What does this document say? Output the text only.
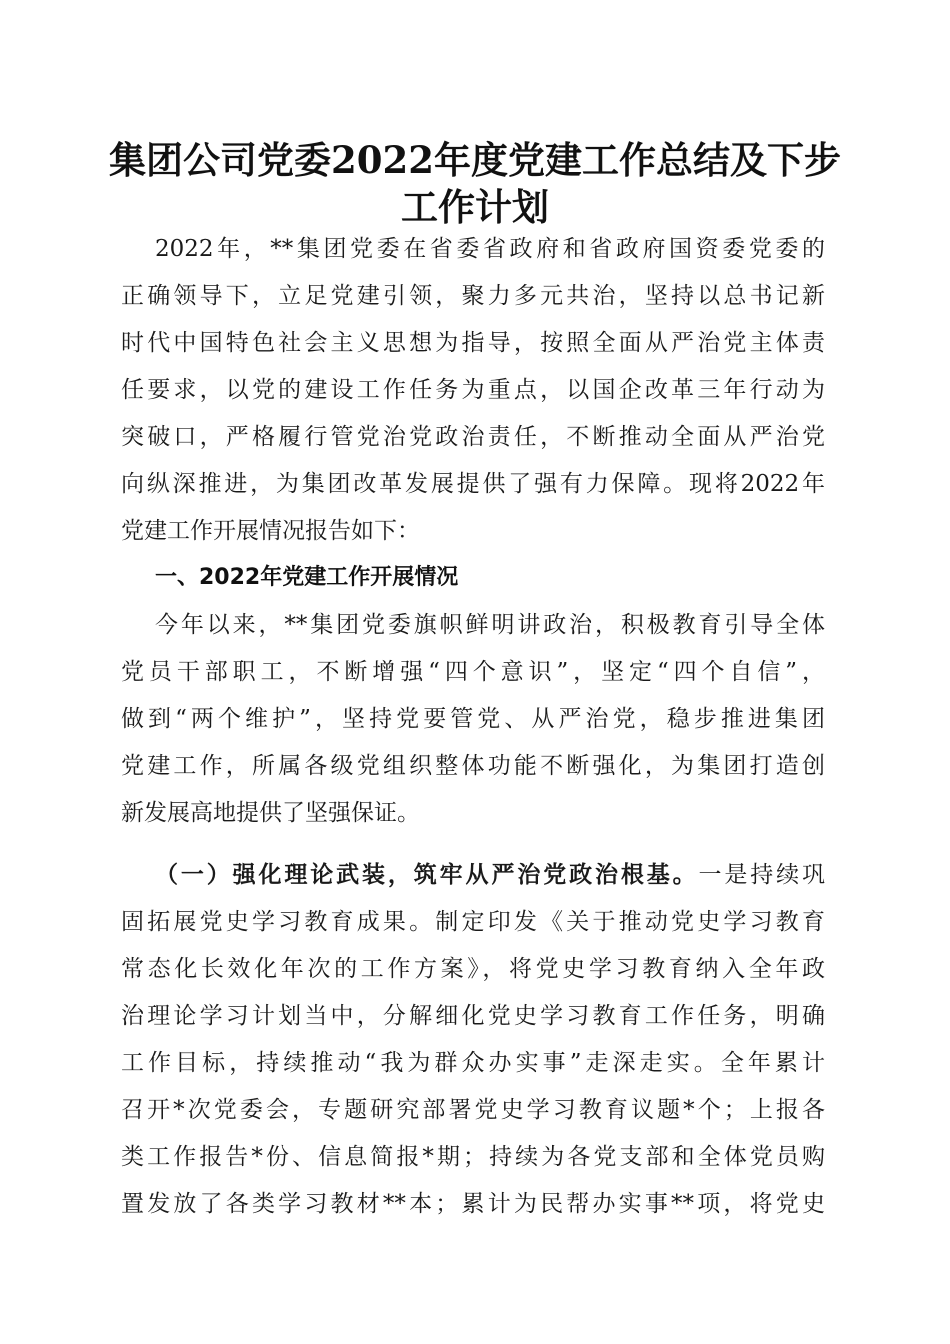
集团公司党委2022年度党建工作总结及下步
工作计划
2022年，**集团党委在省委省政府和省政府国资委党委的
正确领导下，立足党建引领，聚力多元共治，坚持以总书记新
时代中国特色社会主义思想为指导，按照全面从严治党主体责
任要求，以党的建设工作任务为重点，以国企改革三年行动为
突破口，严格履行管党治党政治责任，不断推动全面从严治党
向纵深推进，为集团改革发展提供了强有力保障。现将2022年
党建工作开展情况报告如下：
一、2022年党建工作开展情况
今年以来，**集团党委旗帜鲜明讲政治，积极教育引导全体
党员干部职工，不断增强“四个意识”，坚定“四个自信”，
做到“两个维护”，坚持党要管党、从严治党，稳步推进集团
党建工作，所属各级党组织整体功能不断强化，为集团打造创
新发展高地提供了坚强保证。
（一）强化理论武装，筑牢从严治党政治根基。一是持续巩
固拓展党史学习教育成果。制定印发《关于推动党史学习教育
常态化长效化年次的工作方案》，将党史学习教育纳入全年政
治理论学习计划当中，分解细化党史学习教育工作任务，明确
工作目标，持续推动“我为群众办实事”走深走实。全年累计
召开*次党委会，专题研究部署党史学习教育议题*个；上报各
类工作报告*份、信息简报*期；持续为各党支部和全体党员购
置发放了各类学习教材**本；累计为民帮办实事**项，将党史
